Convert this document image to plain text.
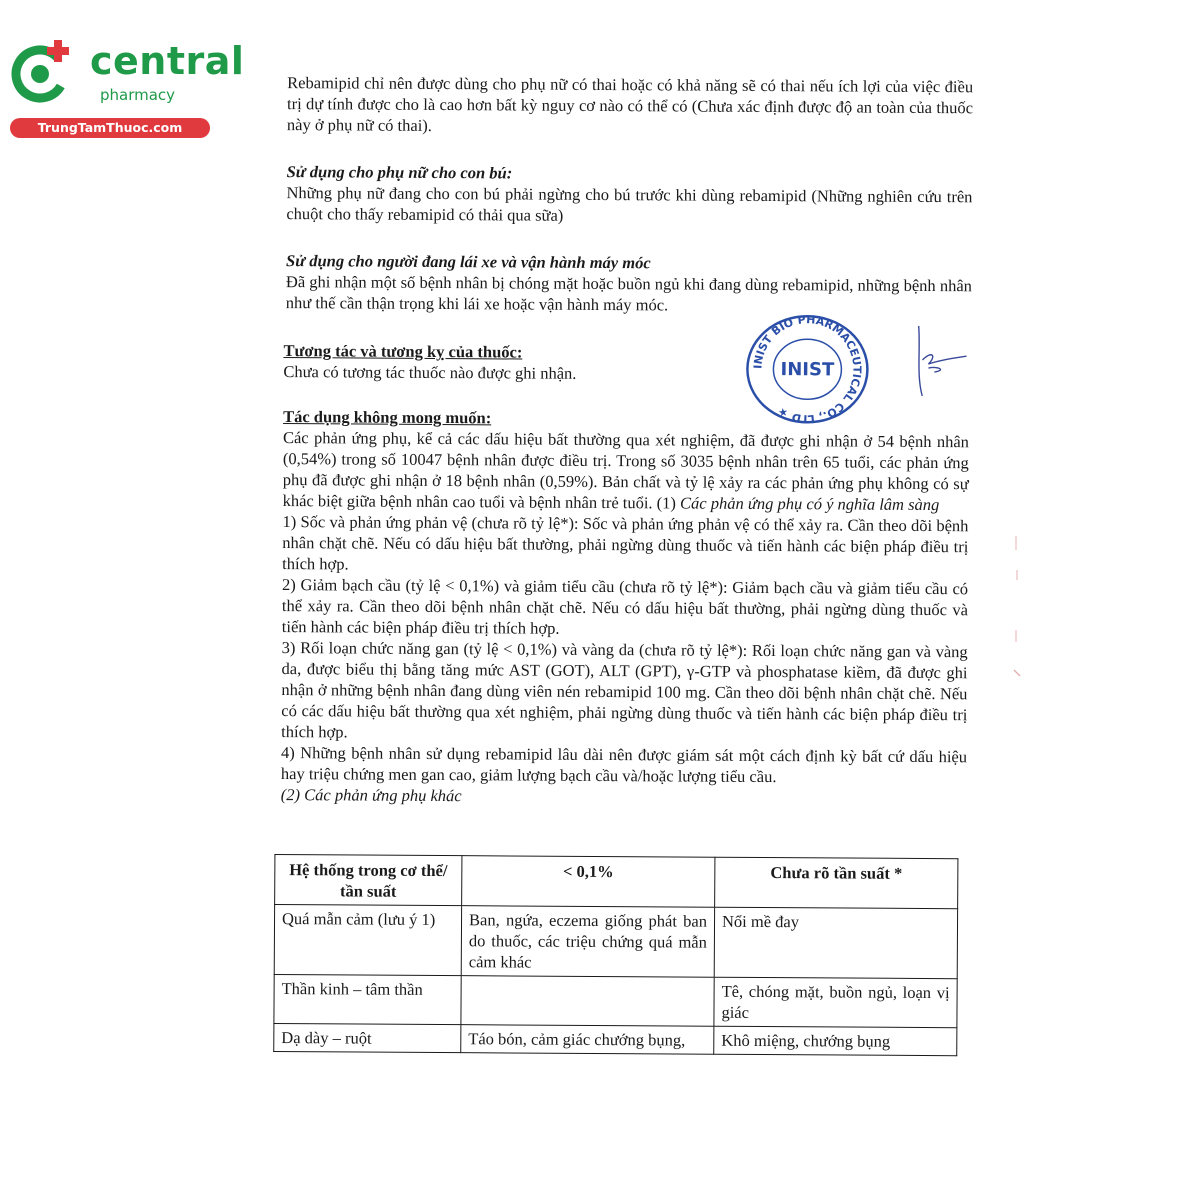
central
pharmacy
TrungTamThuoc.com

Rebamipid chỉ nên được dùng cho phụ nữ có thai hoặc có khả năng sẽ có thai nếu ích lợi của việc điều trị dự tính được cho là cao hơn bất kỳ nguy cơ nào có thể có (Chưa xác định được độ an toàn của thuốc này ở phụ nữ có thai).

Sử dụng cho phụ nữ cho con bú:

Những phụ nữ đang cho con bú phải ngừng cho bú trước khi dùng rebamipid (Những nghiên cứu trên chuột cho thấy rebamipid có thải qua sữa)

Sử dụng cho người đang lái xe và vận hành máy móc

Đã ghi nhận một số bệnh nhân bị chóng mặt hoặc buồn ngủ khi đang dùng rebamipid, những bệnh nhân như thế cần thận trọng khi lái xe hoặc vận hành máy móc.

Tương tác và tương kỵ của thuốc:

Chưa có tương tác thuốc nào được ghi nhận.	INIST BIO PHARMACEUTICAL CO., LTD ★
INIST

Tác dụng không mong muốn:

Các phản ứng phụ, kể cả các dấu hiệu bất thường qua xét nghiệm, đã được ghi nhận ở 54 bệnh nhân (0,54%) trong số 10047 bệnh nhân được điều trị. Trong số 3035 bệnh nhân trên 65 tuổi, các phản ứng phụ đã được ghi nhận ở 18 bệnh nhân (0,59%). Bản chất và tỷ lệ xảy ra các phản ứng phụ không có sự khác biệt giữa bệnh nhân cao tuổi và bệnh nhân trẻ tuổi. (1) Các phản ứng phụ có ý nghĩa lâm sàng

1) Sốc và phản ứng phản vệ (chưa rõ tỷ lệ*): Sốc và phản ứng phản vệ có thể xảy ra. Cần theo dõi bệnh nhân chặt chẽ. Nếu có dấu hiệu bất thường, phải ngừng dùng thuốc và tiến hành các biện pháp điều trị thích hợp.

2) Giảm bạch cầu (tỷ lệ < 0,1%) và giảm tiểu cầu (chưa rõ tỷ lệ*): Giảm bạch cầu và giảm tiểu cầu có thể xảy ra. Cần theo dõi bệnh nhân chặt chẽ. Nếu có dấu hiệu bất thường, phải ngừng dùng thuốc và tiến hành các biện pháp điều trị thích hợp.

3) Rối loạn chức năng gan (tỷ lệ < 0,1%) và vàng da (chưa rõ tỷ lệ*): Rối loạn chức năng gan và vàng da, được biểu thị bằng tăng mức AST (GOT), ALT (GPT), γ-GTP và phosphatase kiềm, đã được ghi nhận ở những bệnh nhân đang dùng viên nén rebamipid 100 mg. Cần theo dõi bệnh nhân chặt chẽ. Nếu có các dấu hiệu bất thường qua xét nghiệm, phải ngừng dùng thuốc và tiến hành các biện pháp điều trị thích hợp.

4) Những bệnh nhân sử dụng rebamipid lâu dài nên được giám sát một cách định kỳ bất cứ dấu hiệu hay triệu chứng men gan cao, giảm lượng bạch cầu và/hoặc lượng tiểu cầu.

(2) Các phản ứng phụ khác

Hệ thống trong cơ thể/ tần suất	< 0,1%	Chưa rõ tần suất *
Quá mẫn cảm (lưu ý 1)	Ban, ngứa, eczema giống phát ban do thuốc, các triệu chứng quá mẫn cảm khác	Nổi mề đay
Thần kinh – tâm thần		Tê, chóng mặt, buồn ngủ, loạn vị giác
Dạ dày – ruột	Táo bón, cảm giác chướng bụng,	Khô miệng, chướng bụng
